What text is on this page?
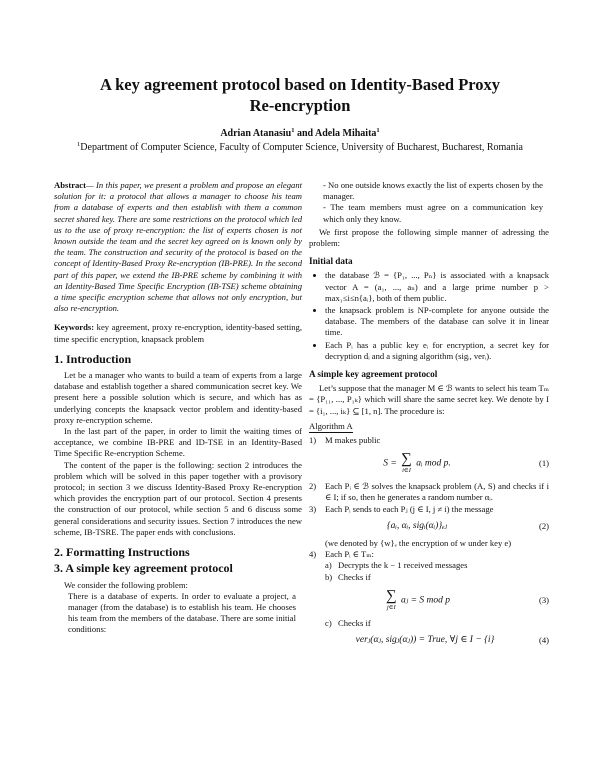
A key agreement protocol based on Identity-Based Proxy
Re-encryption
Adrian Atanasiu$^1$ and Adela Mihaita$^1$
$^1$Department of Computer Science, Faculty of Computer Science, University of Bucharest, Bucharest, Romania

Abstract— In this paper, we present a problem and propose an elegant solution for it: a protocol that allows a manager to choose his team from a database of experts and then establish with them a common secret shared key. There are some restrictions on the protocol which led us to the use of proxy re-encryption: the list of experts chosen is not known outside the team and the secret key agreed on is known only by the team. The construction and security of the protocol is based on the concept of Identity-Based Proxy Re-encryption (IB-PRE). In the second part of this paper, we extend the IB-PRE scheme by combining it with an Identity-Based Time Specific Encryption (IB-TSE) scheme obtaining a time specific encryption scheme that allows not only encryption, but also re-encryption.

Keywords: key agreement, proxy re-encryption, identity-based setting, time specific encryption, knapsack problem

1. Introduction

Let be a manager who wants to build a team of experts from a large database and establish together a shared communication secret key. We present here a possible solution which is secure, and which has as underlying concepts the knapsack vector problem and identity-based proxy re-encryption scheme.

In the last part of the paper, in order to limit the waiting times of acceptance, we combine IB-PRE and ID-TSE in an Identity-Based Time Specific Re-encryption Scheme.

The content of the paper is the following: section 2 introduces the problem which will be solved in this paper together with a provisory protocol; in section 3 we discuss Identity-Based Proxy Re-encryption which provides the encryption part of our protocol. Section 4 presents the construction of our protocol, while section 5 and 6 discuss some general considerations and security issues. Section 7 introduces the new scheme, IB-TSRE. The paper ends with conclusions.

2. Formatting Instructions
3. A simple key agreement protocol

We consider the following problem:

There is a database of experts. In order to evaluate a project, a manager (from the database) is to establish his team. He chooses his team from the members of the database. There are some initial conditions:

- No one outside knows exactly the list of experts chosen by the manager.

- The team members must agree on a communication key which only they know.

We first propose the following simple manner of adressing the problem:

Initial data
• the database ℬ = {P₁, ..., Pₙ} is associated with a knapsack vector A = (a₁, ..., aₙ) and a large prime number p > max₁≤i≤n{aᵢ}, both of them public.
• the knapsack problem is NP-complete for anyone outside the database. The members of the database can solve it in linear time.
• Each Pᵢ has a public key eᵢ for encryption, a secret key for decryption dᵢ and a signing algorithm (sigᵢ, verᵢ).
A simple key agreement protocol

Let’s suppose that the manager M ∈ ℬ wants to select his team Tₘ = {P₁₁, ..., P₁ₖ} which will share the same secret key. We denote by I = {i₁, ..., iₖ} ⊆ [1, n]. The procedure is:

Algorithm A
1)	M makes public
S = ∑
i∈I
aᵢ mod p.	(1)
2)	Each Pᵢ ∈ ℬ solves the knapsack problem (A, S) and checks if i ∈ I; if so, then he generates a random number αᵢ.
3)	Each Pᵢ sends to each Pⱼ (j ∈ I, j ≠ i) the message
{aᵢ, αᵢ, sigᵢ(αᵢ)}ₑⱼ	(2)
(we denoted by {w}ₑ the encryption of w under key e)
4)	Each Pᵢ ∈ Tₘ:
a) Decrypts the k − 1 received messages
b) Checks if
∑
j∈I
aⱼ = S mod p	(3)
c) Checks if
verⱼ(αⱼ, sigⱼ(αⱼ)) = True, ∀j ∈ I − {i}	(4)
